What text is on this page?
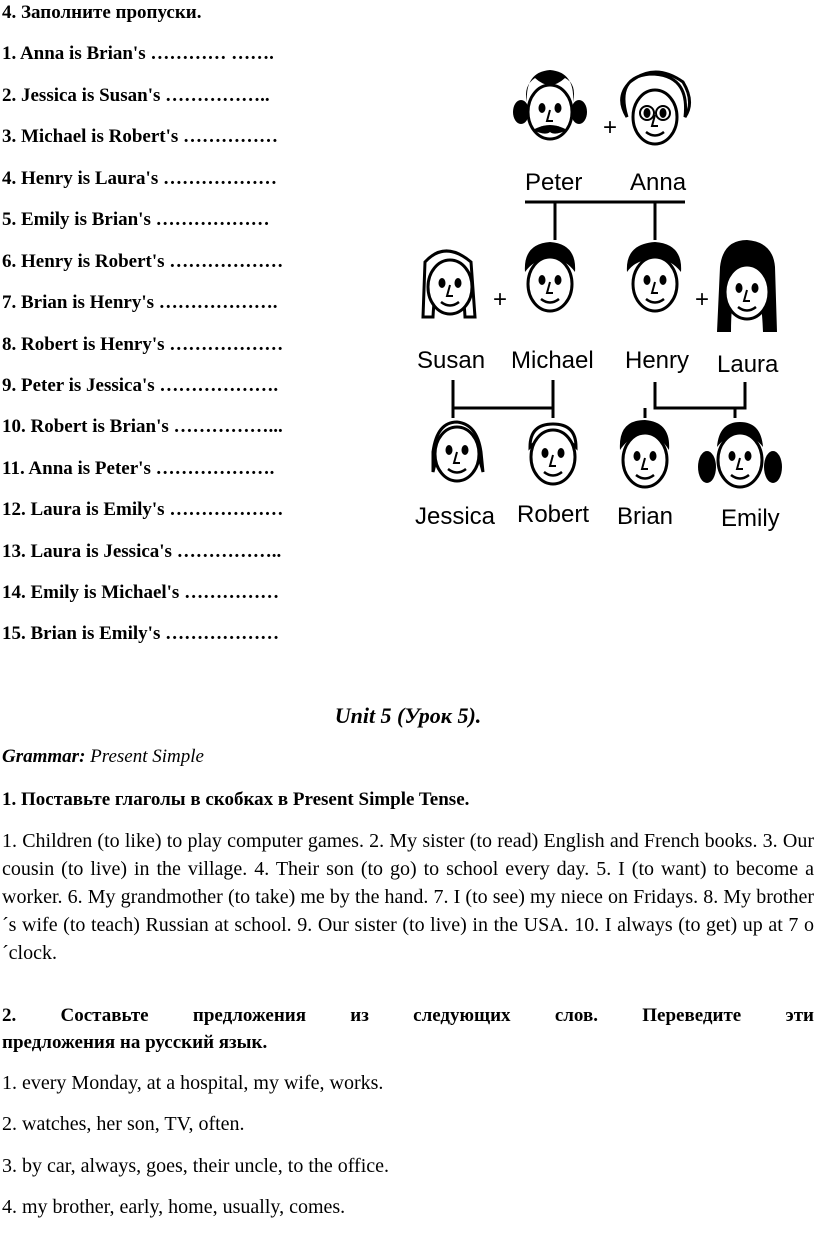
4. Заполните пропуски.
1. Anna is Brian's ………… …….
2. Jessica is Susan's ……………..
3. Michael is Robert's ……………
4. Henry is Laura's ………………
5. Emily is Brian's ………………
6. Henry is Robert's ………………
7. Brian is Henry's ……………….
8. Robert is Henry's ………………
9. Peter is Jessica's ……………….
10. Robert is Brian's ……………...
11. Anna is Peter's ……………….
12. Laura is Emily's ………………
13. Laura is Jessica's ……………..
14. Emily is Michael's ……………
15. Brian is Emily's ………………
+
Peter Anna
+	+
Susan Michael Henry Laura
Jessica Robert Brian Emily
Unit 5 (Урок 5).
Grammar: Present Simple
1. Поставьте глаголы в скобках в Present Simple Tense.
1. Children (to like) to play computer games. 2. My sister (to read) English and French books. 3. Our cousin (to live) in the village. 4. Their son (to go) to school every day. 5. I (to want) to become a worker. 6. My grandmother (to take) me by the hand. 7. I (to see) my niece on Fridays. 8. My brother´s wife (to teach) Russian at school. 9. Our sister (to live) in the USA. 10. I always (to get) up at 7 o´clock.
2. Составьте предложения из следующих слов. Переведите эти
предложения на русский язык.
1. every Monday, at a hospital, my wife, works.
2. watches, her son, TV, often.
3. by car, always, goes, their uncle, to the office.
4. my brother, early, home, usually, comes.
